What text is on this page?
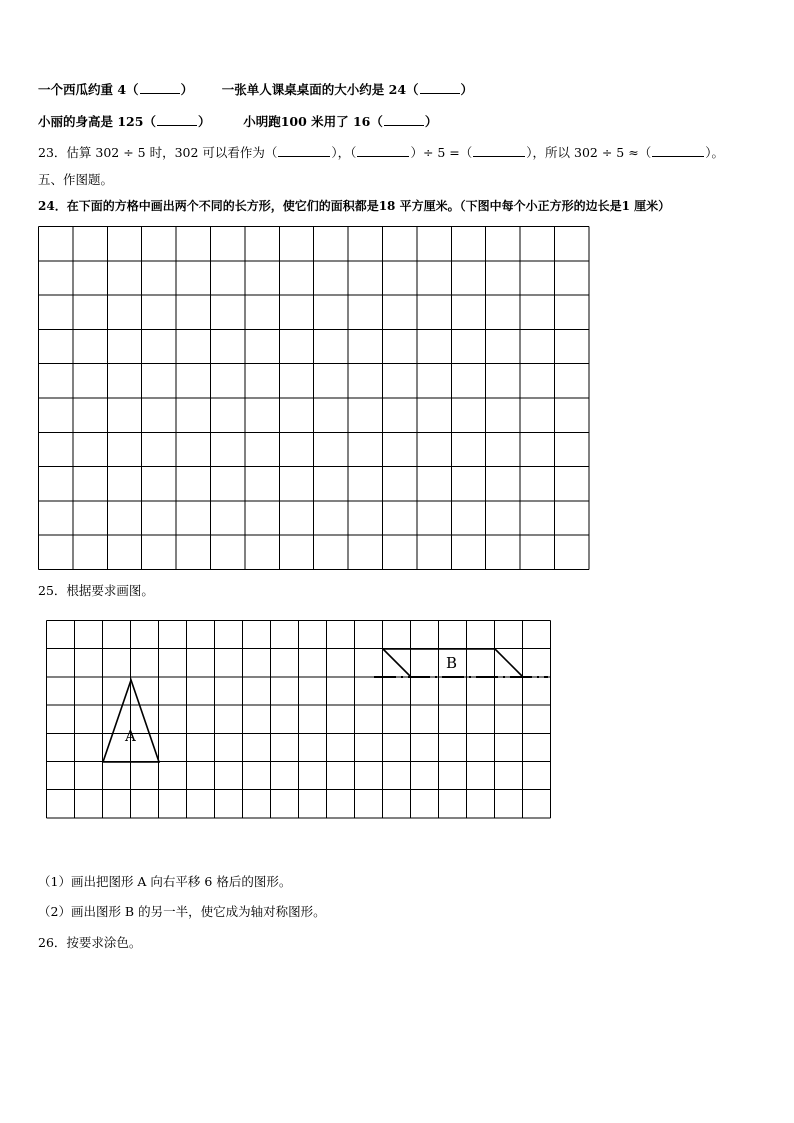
一个西瓜约重 4（	） 一张单人课桌桌面的大小约是 24（	）
小丽的身高是 125（	）	小明跑100 米用了 16（	）
23．估算 302 ÷ 5 时，302 可以看作为（	），（	）÷ 5 =（	），所以 302 ÷ 5 ≈（	）。
五、作图题。
24．在下面的方格中画出两个不同的长方形，使它们的面积都是18 平方厘米。（下图中每个小正方形的边长是1 厘米）
25．根据要求画图。
A
B
（1）画出把图形 A 向右平移 6 格后的图形。
（2）画出图形 B 的另一半，使它成为轴对称图形。
26．按要求涂色。
